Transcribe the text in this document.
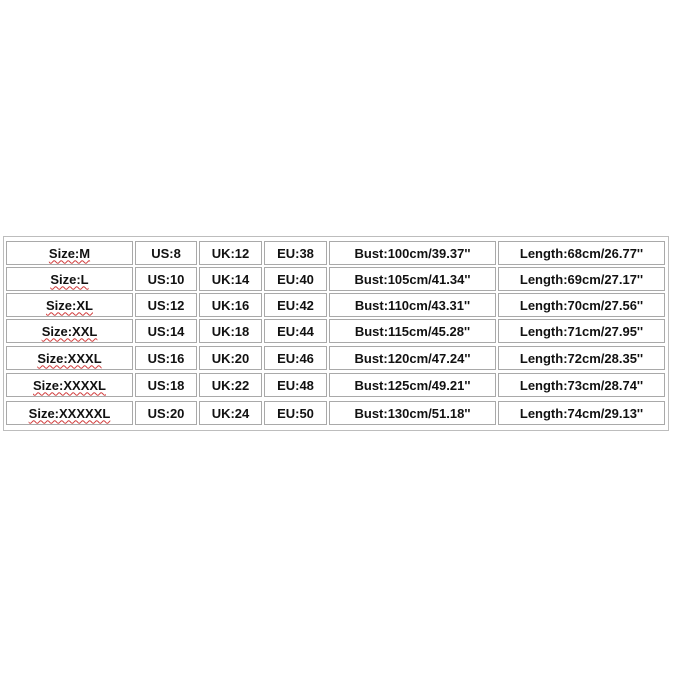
Size:M	US:8	UK:12	EU:38	Bust:100cm/39.37''	Length:68cm/26.77''
Size:L	US:10	UK:14	EU:40	Bust:105cm/41.34''	Length:69cm/27.17''
Size:XL	US:12	UK:16	EU:42	Bust:110cm/43.31''	Length:70cm/27.56''
Size:XXL	US:14	UK:18	EU:44	Bust:115cm/45.28''	Length:71cm/27.95''
Size:XXXL	US:16	UK:20	EU:46	Bust:120cm/47.24''	Length:72cm/28.35''
Size:XXXXL	US:18	UK:22	EU:48	Bust:125cm/49.21''	Length:73cm/28.74''
Size:XXXXXL	US:20	UK:24	EU:50	Bust:130cm/51.18''	Length:74cm/29.13''
